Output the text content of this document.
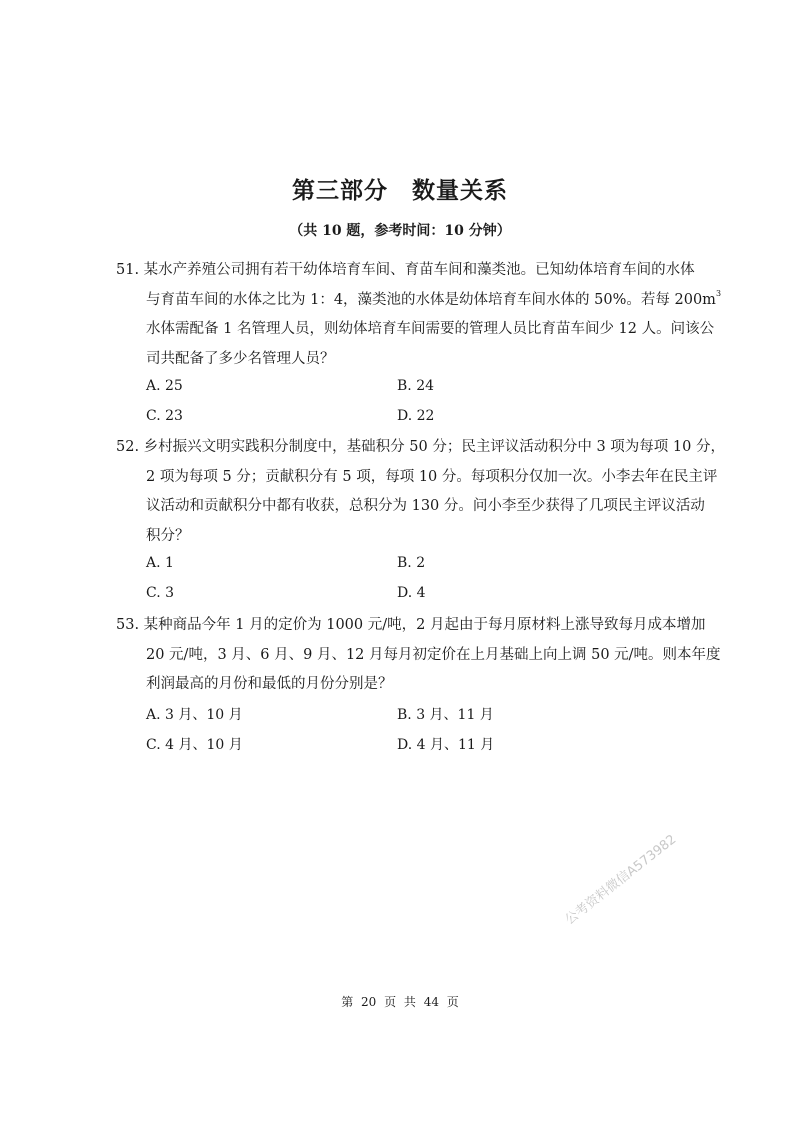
第三部分 数量关系
（共 10 题，参考时间：10 分钟）
51. 某水产养殖公司拥有若干幼体培育车间、育苗车间和藻类池。已知幼体培育车间的水体
与育苗车间的水体之比为 1：4，藻类池的水体是幼体培育车间水体的 50%。若每 $200m^3$
水体需配备 1 名管理人员，则幼体培育车间需要的管理人员比育苗车间少 12 人。问该公
司共配备了多少名管理人员？
A. 25	B. 24
C. 23	D. 22
52. 乡村振兴文明实践积分制度中，基础积分 50 分；民主评议活动积分中 3 项为每项 10 分，
2 项为每项 5 分；贡献积分有 5 项，每项 10 分。每项积分仅加一次。小李去年在民主评
议活动和贡献积分中都有收获，总积分为 130 分。问小李至少获得了几项民主评议活动
积分？
A. 1	B. 2
C. 3	D. 4
53. 某种商品今年 1 月的定价为 1000 元/吨，2 月起由于每月原材料上涨导致每月成本增加
20 元/吨，3 月、6 月、9 月、12 月每月初定价在上月基础上向上调 50 元/吨。则本年度
利润最高的月份和最低的月份分别是？
A. 3 月、10 月	B. 3 月、11 月
C. 4 月、10 月	D. 4 月、11 月
公考资料微信A573982
第 20 页 共 44 页
